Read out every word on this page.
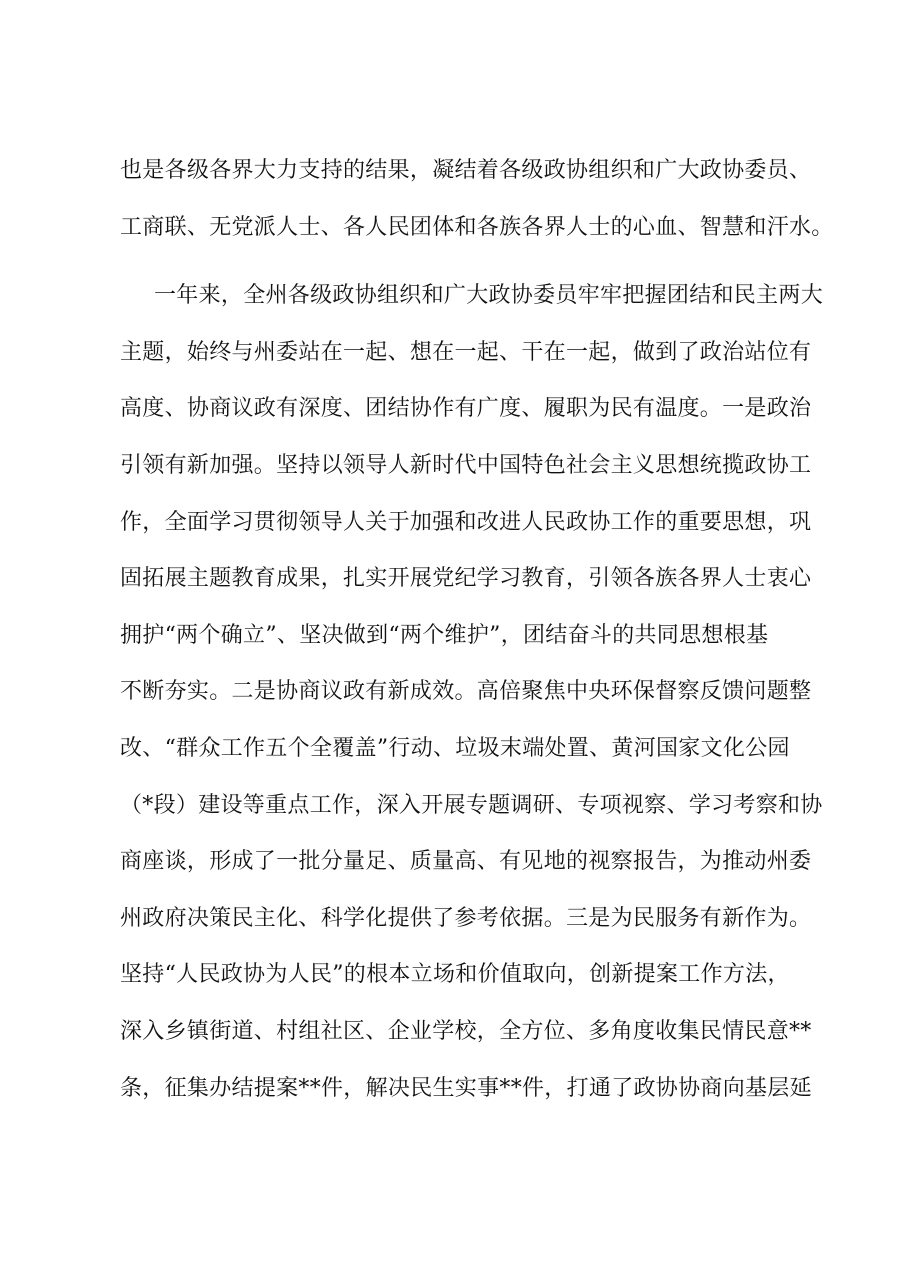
也是各级各界大力支持的结果，凝结着各级政协组织和广大政协委员、
工商联、无党派人士、各人民团体和各族各界人士的心血、智慧和汗水。
一年来，全州各级政协组织和广大政协委员牢牢把握团结和民主两大
主题，始终与州委站在一起、想在一起、干在一起，做到了政治站位有
高度、协商议政有深度、团结协作有广度、履职为民有温度。一是政治
引领有新加强。坚持以领导人新时代中国特色社会主义思想统揽政协工
作，全面学习贯彻领导人关于加强和改进人民政协工作的重要思想，巩
固拓展主题教育成果，扎实开展党纪学习教育，引领各族各界人士衷心
拥护“两个确立”、坚决做到“两个维护”，团结奋斗的共同思想根基
不断夯实。二是协商议政有新成效。高倍聚焦中央环保督察反馈问题整
改、“群众工作五个全覆盖”行动、垃圾末端处置、黄河国家文化公园
（*段）建设等重点工作，深入开展专题调研、专项视察、学习考察和协
商座谈，形成了一批分量足、质量高、有见地的视察报告，为推动州委
州政府决策民主化、科学化提供了参考依据。三是为民服务有新作为。
坚持“人民政协为人民”的根本立场和价值取向，创新提案工作方法，
深入乡镇街道、村组社区、企业学校，全方位、多角度收集民情民意**
条，征集办结提案**件，解决民生实事**件，打通了政协协商向基层延
